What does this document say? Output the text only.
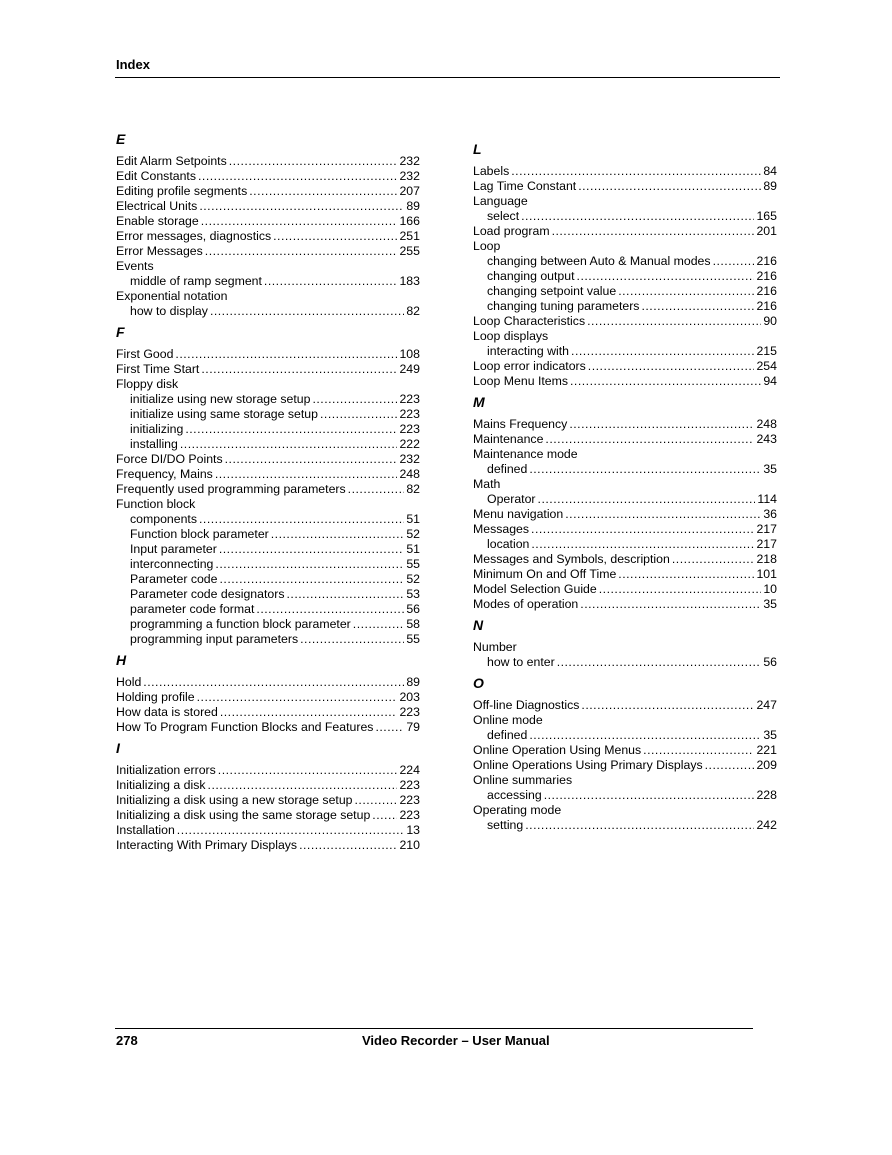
Index
E
Edit Alarm Setpoints .....	232
Edit Constants .....	232
Editing profile segments .....	207
Electrical Units .....	89
Enable storage .....	166
Error messages, diagnostics .....	251
Error Messages .....	255
Events
middle of ramp segment .....	183
Exponential notation
how to display .....	82
F
First Good .....	108
First Time Start .....	249
Floppy disk
initialize using new storage setup .....	223
initialize using same storage setup .....	223
initializing .....	223
installing .....	222
Force DI/DO Points .....	232
Frequency, Mains .....	248
Frequently used programming parameters .....	82
Function block
components .....	51
Function block parameter .....	52
Input parameter .....	51
interconnecting .....	55
Parameter code .....	52
Parameter code designators .....	53
parameter code format .....	56
programming a function block parameter .....	58
programming input parameters .....	55
H
Hold .....	89
Holding profile .....	203
How data is stored .....	223
How To Program Function Blocks and Features .....	79
I
Initialization errors .....	224
Initializing a disk .....	223
Initializing a disk using a new storage setup .....	223
Initializing a disk using the same storage setup ..... 223
Installation .....	13
Interacting With Primary Displays .....	210
L
Labels .....	84
Lag Time Constant .....	89
Language
select .....	165
Load program .....	201
Loop
changing between Auto & Manual modes .....	216
changing output .....	216
changing setpoint value .....	216
changing tuning parameters .....	216
Loop Characteristics .....	90
Loop displays
interacting with .....	215
Loop error indicators .....	254
Loop Menu Items .....	94
M
Mains Frequency .....	248
Maintenance .....	243
Maintenance mode
defined .....	35
Math
Operator .....	114
Menu navigation .....	36
Messages .....	217
location .....	217
Messages and Symbols, description .....	218
Minimum On and Off Time .....	101
Model Selection Guide .....	10
Modes of operation .....	35
N
Number
how to enter .....	56
O
Off-line Diagnostics .....	247
Online mode
defined .....	35
Online Operation Using Menus .....	221
Online Operations Using Primary Displays .....	209
Online summaries
accessing .....	228
Operating mode
setting .....	242
278	Video Recorder – User Manual
